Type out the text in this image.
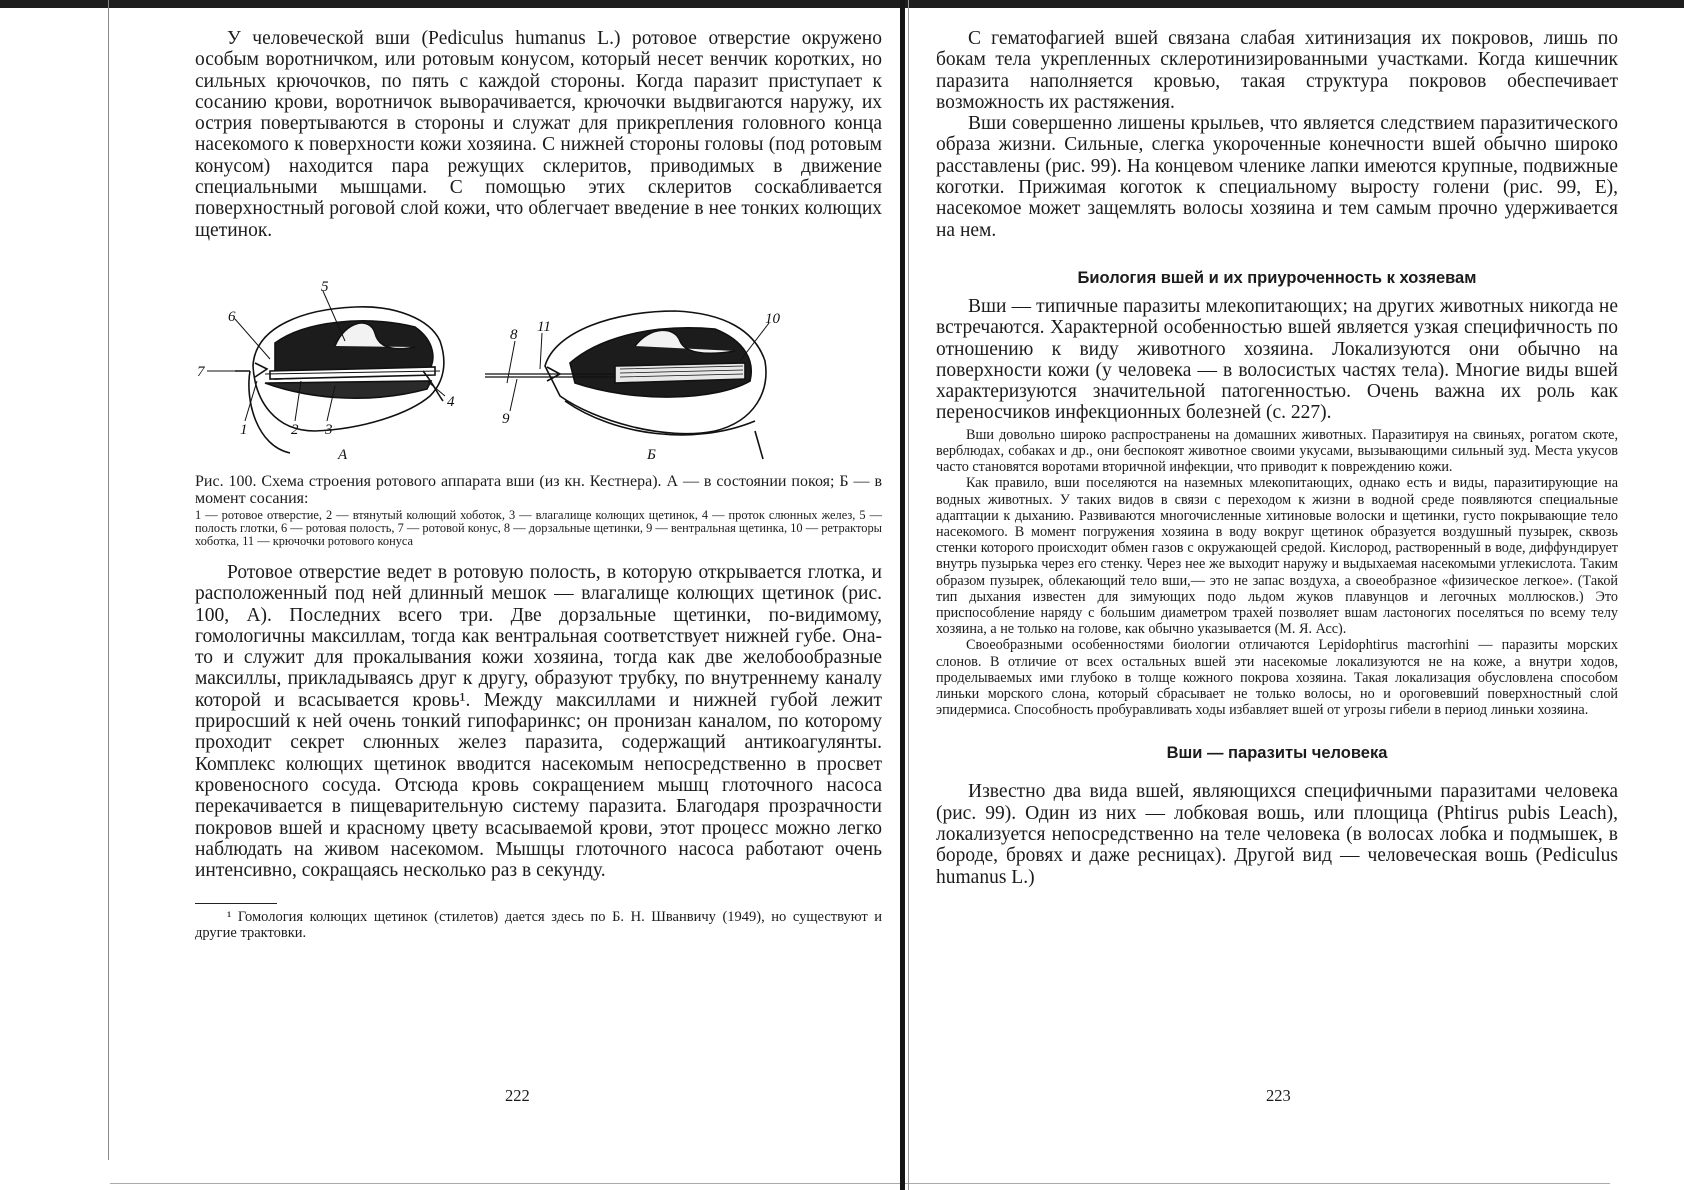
У человеческой вши (Pediculus humanus L.) ротовое отверстие окружено особым воротничком, или ротовым конусом, который несет венчик коротких, но сильных крючочков, по пять с каждой стороны. Когда паразит приступает к сосанию крови, воротничок выворачивается, крючочки выдвигаются наружу, их острия повертываются в стороны и служат для прикрепления головного конца насекомого к поверхности кожи хозяина. С нижней стороны головы (под ротовым конусом) находится пара режущих склеритов, приводимых в движение специальными мышцами. С помощью этих склеритов соскабливается поверхностный роговой слой кожи, что облегчает введение в нее тонких колющих щетинок.

6
5
7
4
1	2 3
8 11
9
10
А	Б

Рис. 100. Схема строения ротового аппарата вши (из кн. Кестнера). А — в состоянии покоя; Б — в момент сосания:

1 — ротовое отверстие, 2 — втянутый колющий хоботок, 3 — влагалище колющих щетинок, 4 — проток слюнных желез, 5 — полость глотки, 6 — ротовая полость, 7 — ротовой конус, 8 — дорзальные щетинки, 9 — вентральная щетинка, 10 — ретракторы хоботка, 11 — крючочки ротового конуса

Ротовое отверстие ведет в ротовую полость, в которую открывается глотка, и расположенный под ней длинный мешок — влагалище колющих щетинок (рис. 100, А). Последних всего три. Две дорзальные щетинки, по-видимому, гомологичны максиллам, тогда как вентральная соответствует нижней губе. Она-то и служит для прокалывания кожи хозяина, тогда как две желобообразные максиллы, прикладываясь друг к другу, образуют трубку, по внутреннему каналу которой и всасывается кровь¹. Между максиллами и нижней губой лежит приросший к ней очень тонкий гипофаринкс; он пронизан каналом, по которому проходит секрет слюнных желез паразита, содержащий антикоагулянты. Комплекс колющих щетинок вводится насекомым непосредственно в просвет кровеносного сосуда. Отсюда кровь сокращением мышц глоточного насоса перекачивается в пищеварительную систему паразита. Благодаря прозрачности покровов вшей и красному цвету всасываемой крови, этот процесс можно легко наблюдать на живом насекомом. Мышцы глоточного насоса работают очень интенсивно, сокращаясь несколько раз в секунду.

¹ Гомология колющих щетинок (стилетов) дается здесь по Б. Н. Шванвичу (1949), но существуют и другие трактовки.

222

С гематофагией вшей связана слабая хитинизация их покровов, лишь по бокам тела укрепленных склеротинизированными участками. Когда кишечник паразита наполняется кровью, такая структура покровов обеспечивает возможность их растяжения.

Вши совершенно лишены крыльев, что является следствием паразитического образа жизни. Сильные, слегка укороченные конечности вшей обычно широко расставлены (рис. 99). На концевом членике лапки имеются крупные, подвижные коготки. Прижимая коготок к специальному выросту голени (рис. 99, Е), насекомое может защемлять волосы хозяина и тем самым прочно удерживается на нем.

Биология вшей и их приуроченность к хозяевам

Вши — типичные паразиты млекопитающих; на других животных никогда не встречаются. Характерной особенностью вшей является узкая специфичность по отношению к виду животного хозяина. Локализуются они обычно на поверхности кожи (у человека — в волосистых частях тела). Многие виды вшей характеризуются значительной патогенностью. Очень важна их роль как переносчиков инфекционных болезней (с. 227).

Вши довольно широко распространены на домашних животных. Паразитируя на свиньях, рогатом скоте, верблюдах, собаках и др., они беспокоят животное своими укусами, вызывающими сильный зуд. Места укусов часто становятся воротами вторичной инфекции, что приводит к повреждению кожи.

Как правило, вши поселяются на наземных млекопитающих, однако есть и виды, паразитирующие на водных животных. У таких видов в связи с переходом к жизни в водной среде появляются специальные адаптации к дыханию. Развиваются многочисленные хитиновые волоски и щетинки, густо покрывающие тело насекомого. В момент погружения хозяина в воду вокруг щетинок образуется воздушный пузырек, сквозь стенки которого происходит обмен газов с окружающей средой. Кислород, растворенный в воде, диффундирует внутрь пузырька через его стенку. Через нее же выходит наружу и выдыхаемая насекомыми углекислота. Таким образом пузырек, облекающий тело вши,— это не запас воздуха, а своеобразное «физическое легкое». (Такой тип дыхания известен для зимующих подо льдом жуков плавунцов и легочных моллюсков.) Это приспособление наряду с большим диаметром трахей позволяет вшам ластоногих поселяться по всему телу хозяина, а не только на голове, как обычно указывается (М. Я. Асс).

Своеобразными особенностями биологии отличаются Lepidophtirus macrorhini — паразиты морских слонов. В отличие от всех остальных вшей эти насекомые локализуются не на коже, а внутри ходов, проделываемых ими глубоко в толще кожного покрова хозяина. Такая локализация обусловлена способом линьки морского слона, который сбрасывает не только волосы, но и ороговевший поверхностный слой эпидермиса. Способность пробуравливать ходы избавляет вшей от угрозы гибели в период линьки хозяина.

Вши — паразиты человека

Известно два вида вшей, являющихся специфичными паразитами человека (рис. 99). Один из них — лобковая вошь, или площица (Phtirus pubis Leach), локализуется непосредственно на теле человека (в волосах лобка и подмышек, в бороде, бровях и даже ресницах). Другой вид — человеческая вошь (Pediculus humanus L.)

223
